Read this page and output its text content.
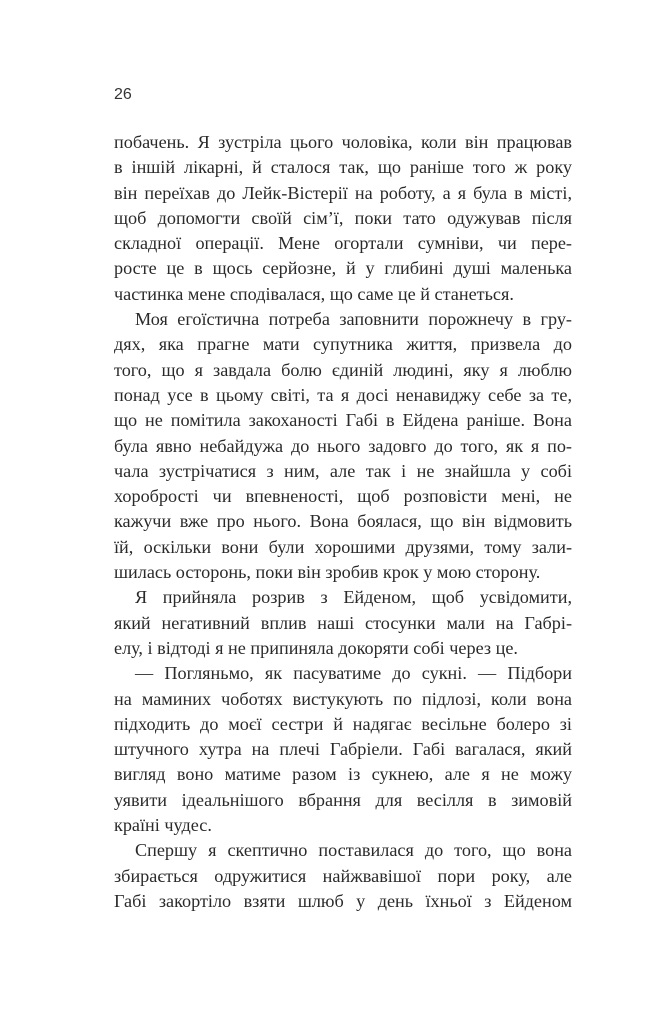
26
побачень. Я зустріла цього чоловіка, коли він працював
в іншій лікарні, й сталося так, що раніше того ж року
він переїхав до Лейк-Вістерії на роботу, а я була в місті,
щоб допомогти своїй сім’ї, поки тато одужував після
складної операції. Мене огортали сумніви, чи пере-
росте це в щось серйозне, й у глибині душі маленька
частинка мене сподівалася, що саме це й станеться.
Моя егоїстична потреба заповнити порожнечу в гру-
дях, яка прагне мати супутника життя, призвела до
того, що я завдала болю єдиній людині, яку я люблю
понад усе в цьому світі, та я досі ненавиджу себе за те,
що не помітила закоханості Габі в Ейдена раніше. Вона
була явно небайдужа до нього задовго до того, як я по-
чала зустрічатися з ним, але так і не знайшла у собі
хоробрості чи впевненості, щоб розповісти мені, не
кажучи вже про нього. Вона боялася, що він відмовить
їй, оскільки вони були хорошими друзями, тому зали-
шилась осторонь, поки він зробив крок у мою сторону.
Я прийняла розрив з Ейденом, щоб усвідомити,
який негативний вплив наші стосунки мали на Габрі-
елу, і відтоді я не припиняла докоряти собі через це.
— Погляньмо, як пасуватиме до сукні. — Підбори
на маминих чоботях вистукують по підлозі, коли вона
підходить до моєї сестри й надягає весільне болеро зі
штучного хутра на плечі Габріели. Габі вагалася, який
вигляд воно матиме разом із сукнею, але я не можу
уявити ідеальнішого вбрання для весілля в зимовій
країні чудес.
Спершу я скептично поставилася до того, що вона
збирається одружитися найжвавішої пори року, але
Габі закортіло взяти шлюб у день їхньої з Ейденом
